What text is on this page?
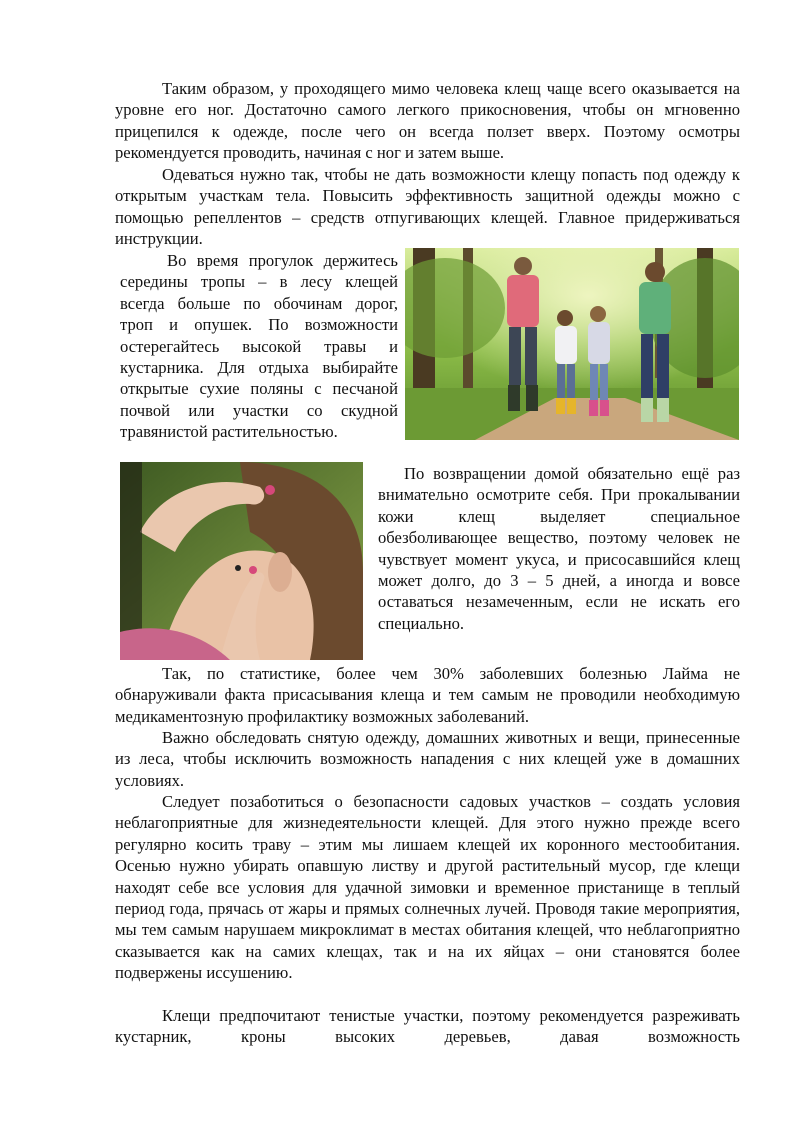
Таким образом, у проходящего мимо человека клещ чаще всего оказывается на уровне его ног. Достаточно самого легкого прикосновения, чтобы он мгновенно прицепился к одежде, после чего он всегда ползет вверх. Поэтому осмотры рекомендуется проводить, начиная с ног и затем выше.

Одеваться нужно так, чтобы не дать возможности клещу попасть под одежду к открытым участкам тела. Повысить эффективность защитной одежды можно с помощью репеллентов – средств отпугивающих клещей. Главное придерживаться инструкции.

Во время прогулок держитесь середины тропы – в лесу клещей всегда больше по обочинам дорог, троп и опушек. По возможности остерегайтесь высокой травы и кустарника. Для отдыха выбирайте открытые сухие поляны с песчаной почвой или участки со скудной травянистой растительностью.

По возвращении домой обязательно ещё раз внимательно осмотрите себя. При прокалывании кожи клещ выделяет специальное обезболивающее вещество, поэтому человек не чувствует момент укуса, и присосавшийся клещ может долго, до 3 – 5 дней, а иногда и вовсе оставаться незамеченным, если не искать его специально.

Так, по статистике, более чем 30% заболевших болезнью Лайма не обнаруживали факта присасывания клеща и тем самым не проводили необходимую медикаментозную профилактику возможных заболеваний.

Важно обследовать снятую одежду, домашних животных и вещи, принесенные из леса, чтобы исключить возможность нападения с них клещей уже в домашних условиях.

Следует позаботиться о безопасности садовых участков – создать условия неблагоприятные для жизнедеятельности клещей. Для этого нужно прежде всего регулярно косить траву – этим мы лишаем клещей их коронного местообитания. Осенью нужно убирать опавшую листву и другой растительный мусор, где клещи находят себе все условия для удачной зимовки и временное пристанище в теплый период года, прячась от жары и прямых солнечных лучей. Проводя такие мероприятия, мы тем самым нарушаем микроклимат в местах обитания клещей, что неблагоприятно сказывается как на самих клещах, так и на их яйцах – они становятся более подвержены иссушению.

Клещи предпочитают тенистые участки, поэтому рекомендуется разреживать кустарник, кроны высоких деревьев, давая возможность
